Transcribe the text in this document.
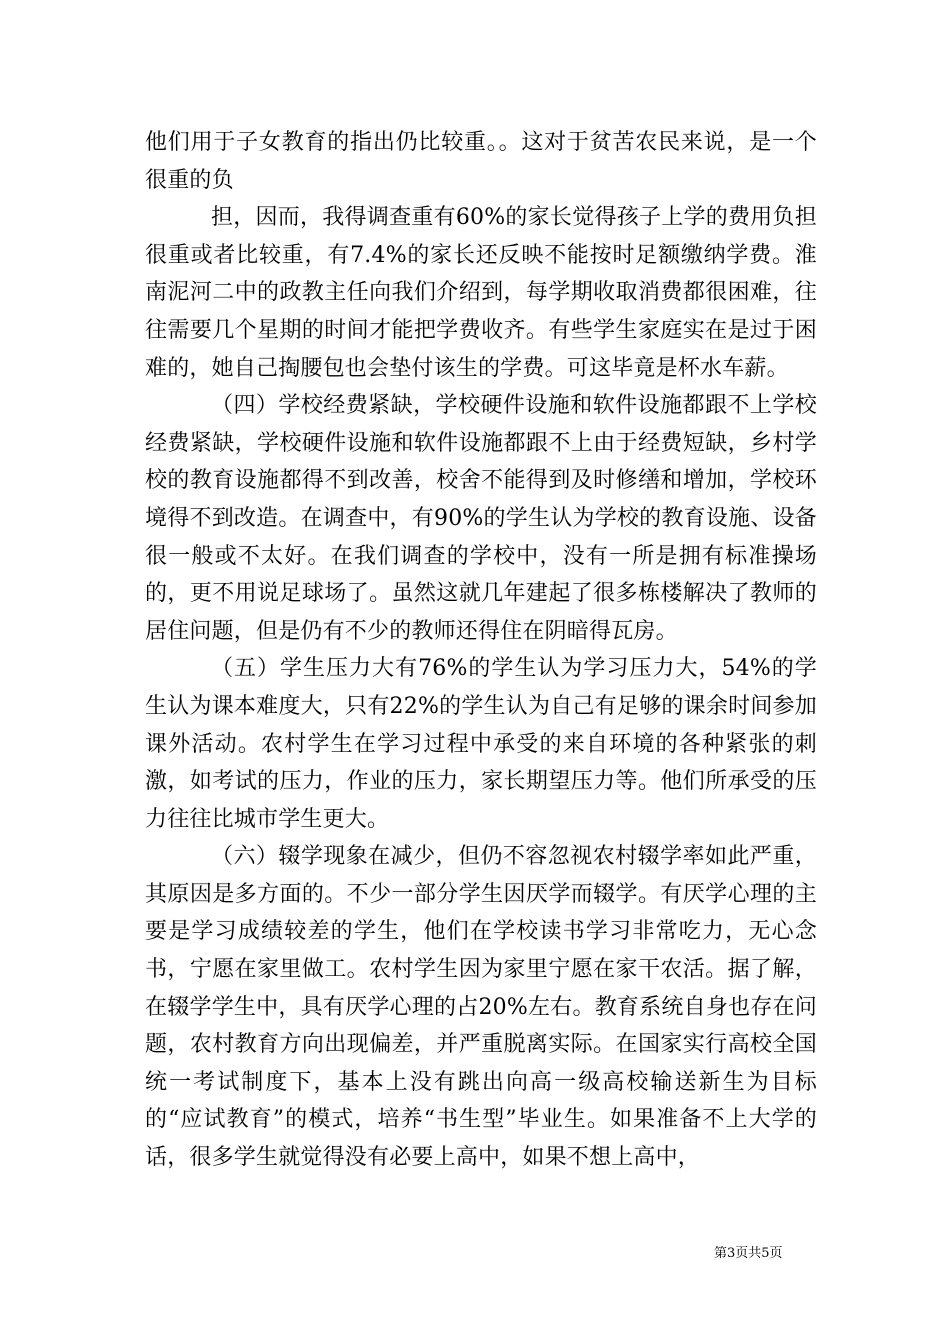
他们用于子女教育的指出仍比较重。。这对于贫苦农民来说，是一个很重的负

担，因而，我得调查重有60%的家长觉得孩子上学的费用负担很重或者比较重，有7.4%的家长还反映不能按时足额缴纳学费。淮南泥河二中的政教主任向我们介绍到，每学期收取消费都很困难，往往需要几个星期的时间才能把学费收齐。有些学生家庭实在是过于困难的，她自己掏腰包也会垫付该生的学费。可这毕竟是杯水车薪。

（四）学校经费紧缺，学校硬件设施和软件设施都跟不上学校经费紧缺，学校硬件设施和软件设施都跟不上由于经费短缺，乡村学校的教育设施都得不到改善，校舍不能得到及时修缮和增加，学校环境得不到改造。在调查中，有90%的学生认为学校的教育设施、设备很一般或不太好。在我们调查的学校中，没有一所是拥有标准操场的，更不用说足球场了。虽然这就几年建起了很多栋楼解决了教师的居住问题，但是仍有不少的教师还得住在阴暗得瓦房。

（五）学生压力大有76%的学生认为学习压力大，54%的学生认为课本难度大，只有22%的学生认为自己有足够的课余时间参加课外活动。农村学生在学习过程中承受的来自环境的各种紧张的刺激，如考试的压力，作业的压力，家长期望压力等。他们所承受的压力往往比城市学生更大。

（六）辍学现象在减少，但仍不容忽视农村辍学率如此严重，其原因是多方面的。不少一部分学生因厌学而辍学。有厌学心理的主要是学习成绩较差的学生，他们在学校读书学习非常吃力，无心念书，宁愿在家里做工。农村学生因为家里宁愿在家干农活。据了解，在辍学学生中，具有厌学心理的占20%左右。教育系统自身也存在问题，农村教育方向出现偏差，并严重脱离实际。在国家实行高校全国统一考试制度下，基本上没有跳出向高一级高校输送新生为目标的“应试教育”的模式，培养“书生型”毕业生。如果准备不上大学的话，很多学生就觉得没有必要上高中，如果不想上高中，

第3页共5页
